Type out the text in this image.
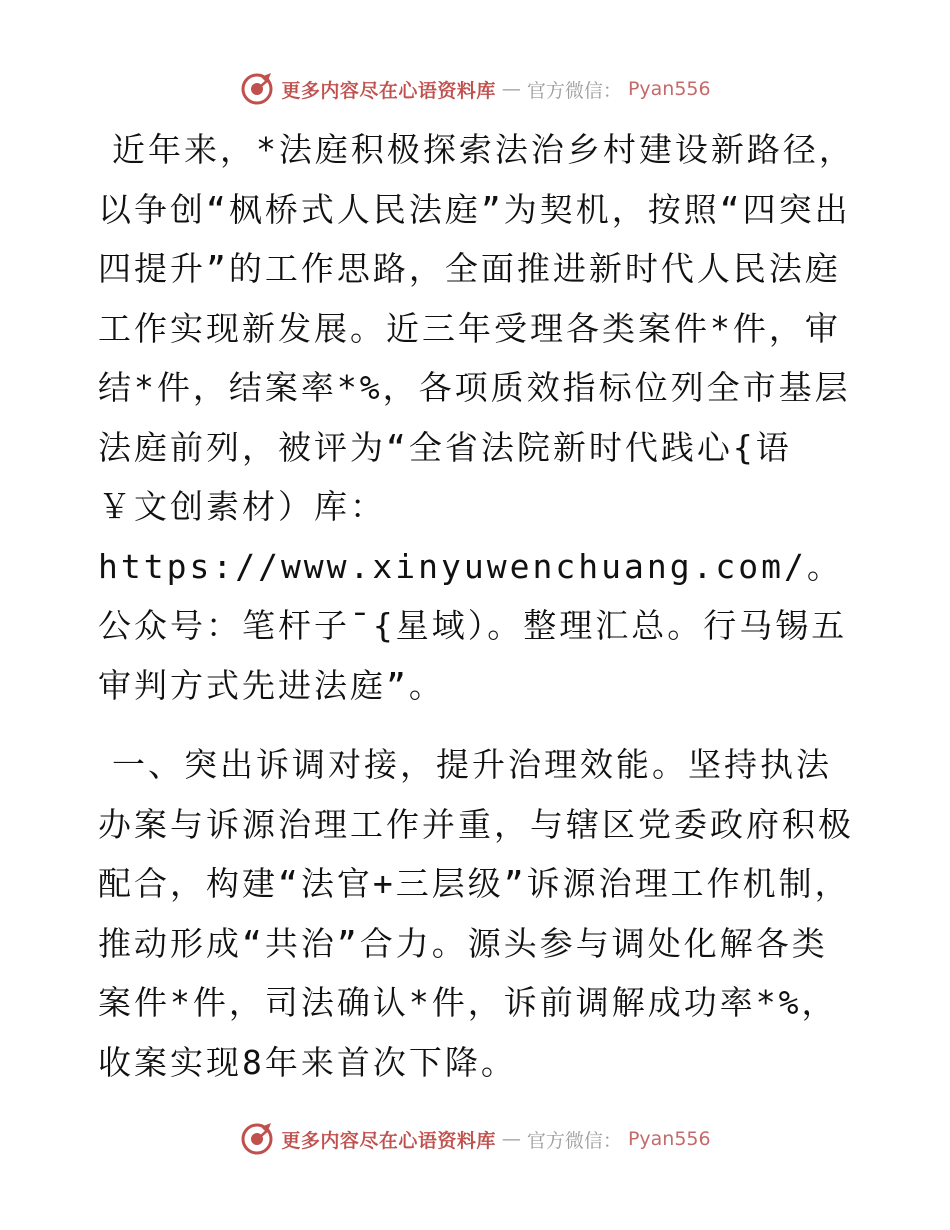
更多内容尽在心语资料库 — 官方微信： Pyan556

近年来，*法庭积极探索法治乡村建设新路径，以争创“枫桥式人民法庭”为契机，按照“四突出四提升”的工作思路，全面推进新时代人民法庭工作实现新发展。近三年受理各类案件*件，审结*件，结案率*%，各项质效指标位列全市基层法庭前列，被评为“全省法院新时代践心{语￥文创素材）库：https://www.xinyuwenchuang.com/。公众号：笔杆子¯{星域）。整理汇总。行马锡五审判方式先进法庭”。

一、突出诉调对接，提升治理效能。坚持执法办案与诉源治理工作并重，与辖区党委政府积极配合，构建“法官+三层级”诉源治理工作机制，推动形成“共治”合力。源头参与调处化解各类案件*件，司法确认*件，诉前调解成功率*%，收案实现8年来首次下降。

更多内容尽在心语资料库 — 官方微信： Pyan556
